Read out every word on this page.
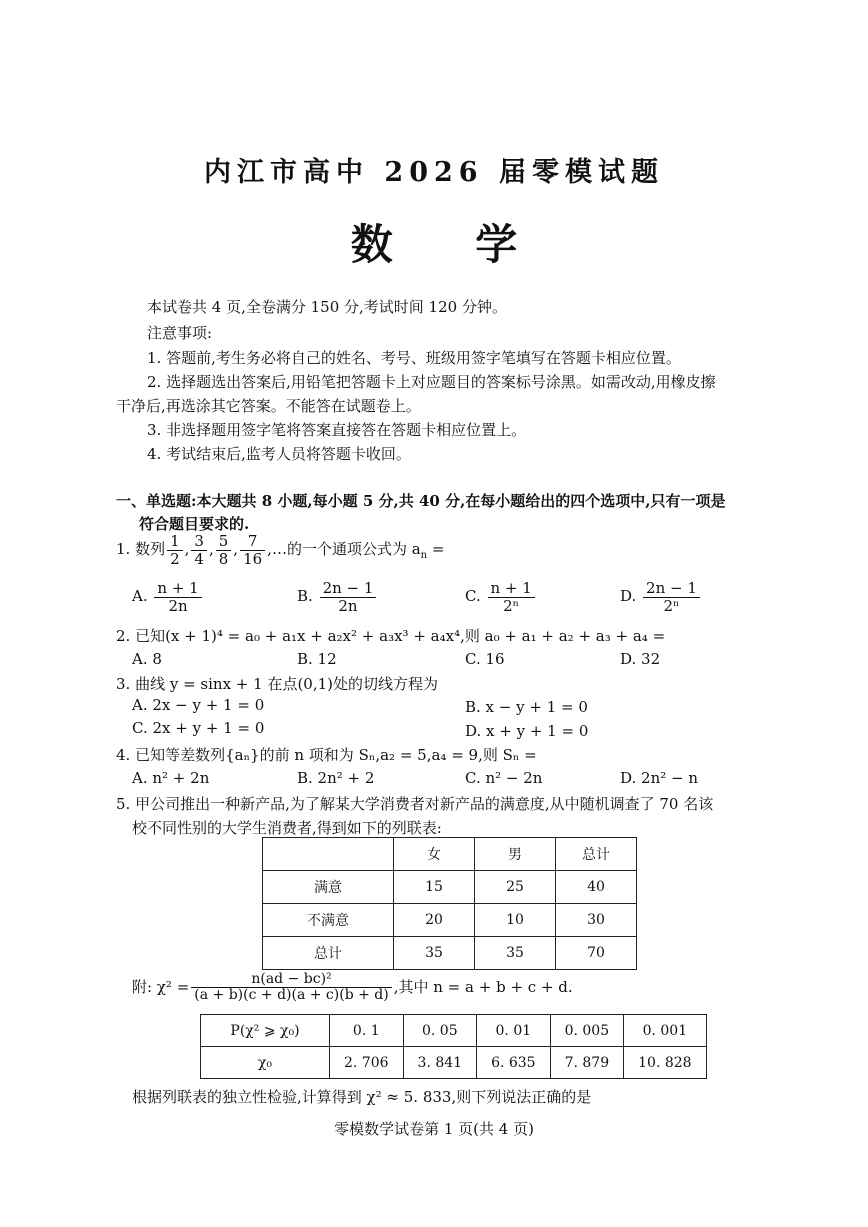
内江市高中 2026 届零模试题
数 学
本试卷共 4 页,全卷满分 150 分,考试时间 120 分钟。
注意事项:
1. 答题前,考生务必将自己的姓名、考号、班级用签字笔填写在答题卡相应位置。
2. 选择题选出答案后,用铅笔把答题卡上对应题目的答案标号涂黑。如需改动,用橡皮擦
干净后,再选涂其它答案。不能答在试题卷上。
3. 非选择题用签字笔将答案直接答在答题卡相应位置上。
4. 考试结束后,监考人员将答题卡收回。
一、单选题:本大题共 8 小题,每小题 5 分,共 40 分,在每小题给出的四个选项中,只有一项是
符合题目要求的.
1. 数列 $\frac{1}{2}$ , $\frac{3}{4}$ , $\frac{5}{8}$ , $\frac{7}{16}$ ,…的一个通项公式为 $a_n$ =
A. $\frac{n + 1}{2n}$	B. $\frac{2n - 1}{2n}$	C. $\frac{n + 1}{\text{2ⁿ}}$	D. $\frac{2n - 1}{\text{2ⁿ}}$
2. 已知(x + 1)⁴ = a₀ + a₁x + a₂x² + a₃x³ + a₄x⁴,则 a₀ + a₁ + a₂ + a₃ + a₄ =
A. 8	B. 12	C. 16	D. 32
3. 曲线 y = sinx + 1 在点(0,1)处的切线方程为
A. 2x − y + 1 = 0	B. x − y + 1 = 0
C. 2x + y + 1 = 0	D. x + y + 1 = 0
4. 已知等差数列{aₙ}的前 n 项和为 Sₙ,a₂ = 5,a₄ = 9,则 Sₙ =
A. n² + 2n	B. 2n² + 2	C. n² − 2n	D. 2n² − n
5. 甲公司推出一种新产品,为了解某大学消费者对新产品的满意度,从中随机调查了 70 名该
校不同性别的大学生消费者,得到如下的列联表:
	女	男	总计
满意	15	25	40
不满意	20	10	30
总计	35	35	70
附: $\chi^2 = \frac{\text{n(ad − bc)²}}{(a + b)(c + d)(a + c)(b + d)}$ ,其中 n = a + b + c + d.
P(χ² ⩾ χ₀)	0. 1	0. 05	0. 01	0. 005	0. 001
χ₀	2. 706	3. 841	6. 635	7. 879	10. 828
根据列联表的独立性检验,计算得到 χ² ≈ 5. 833,则下列说法正确的是
零模数学试卷第 1 页(共 4 页)
